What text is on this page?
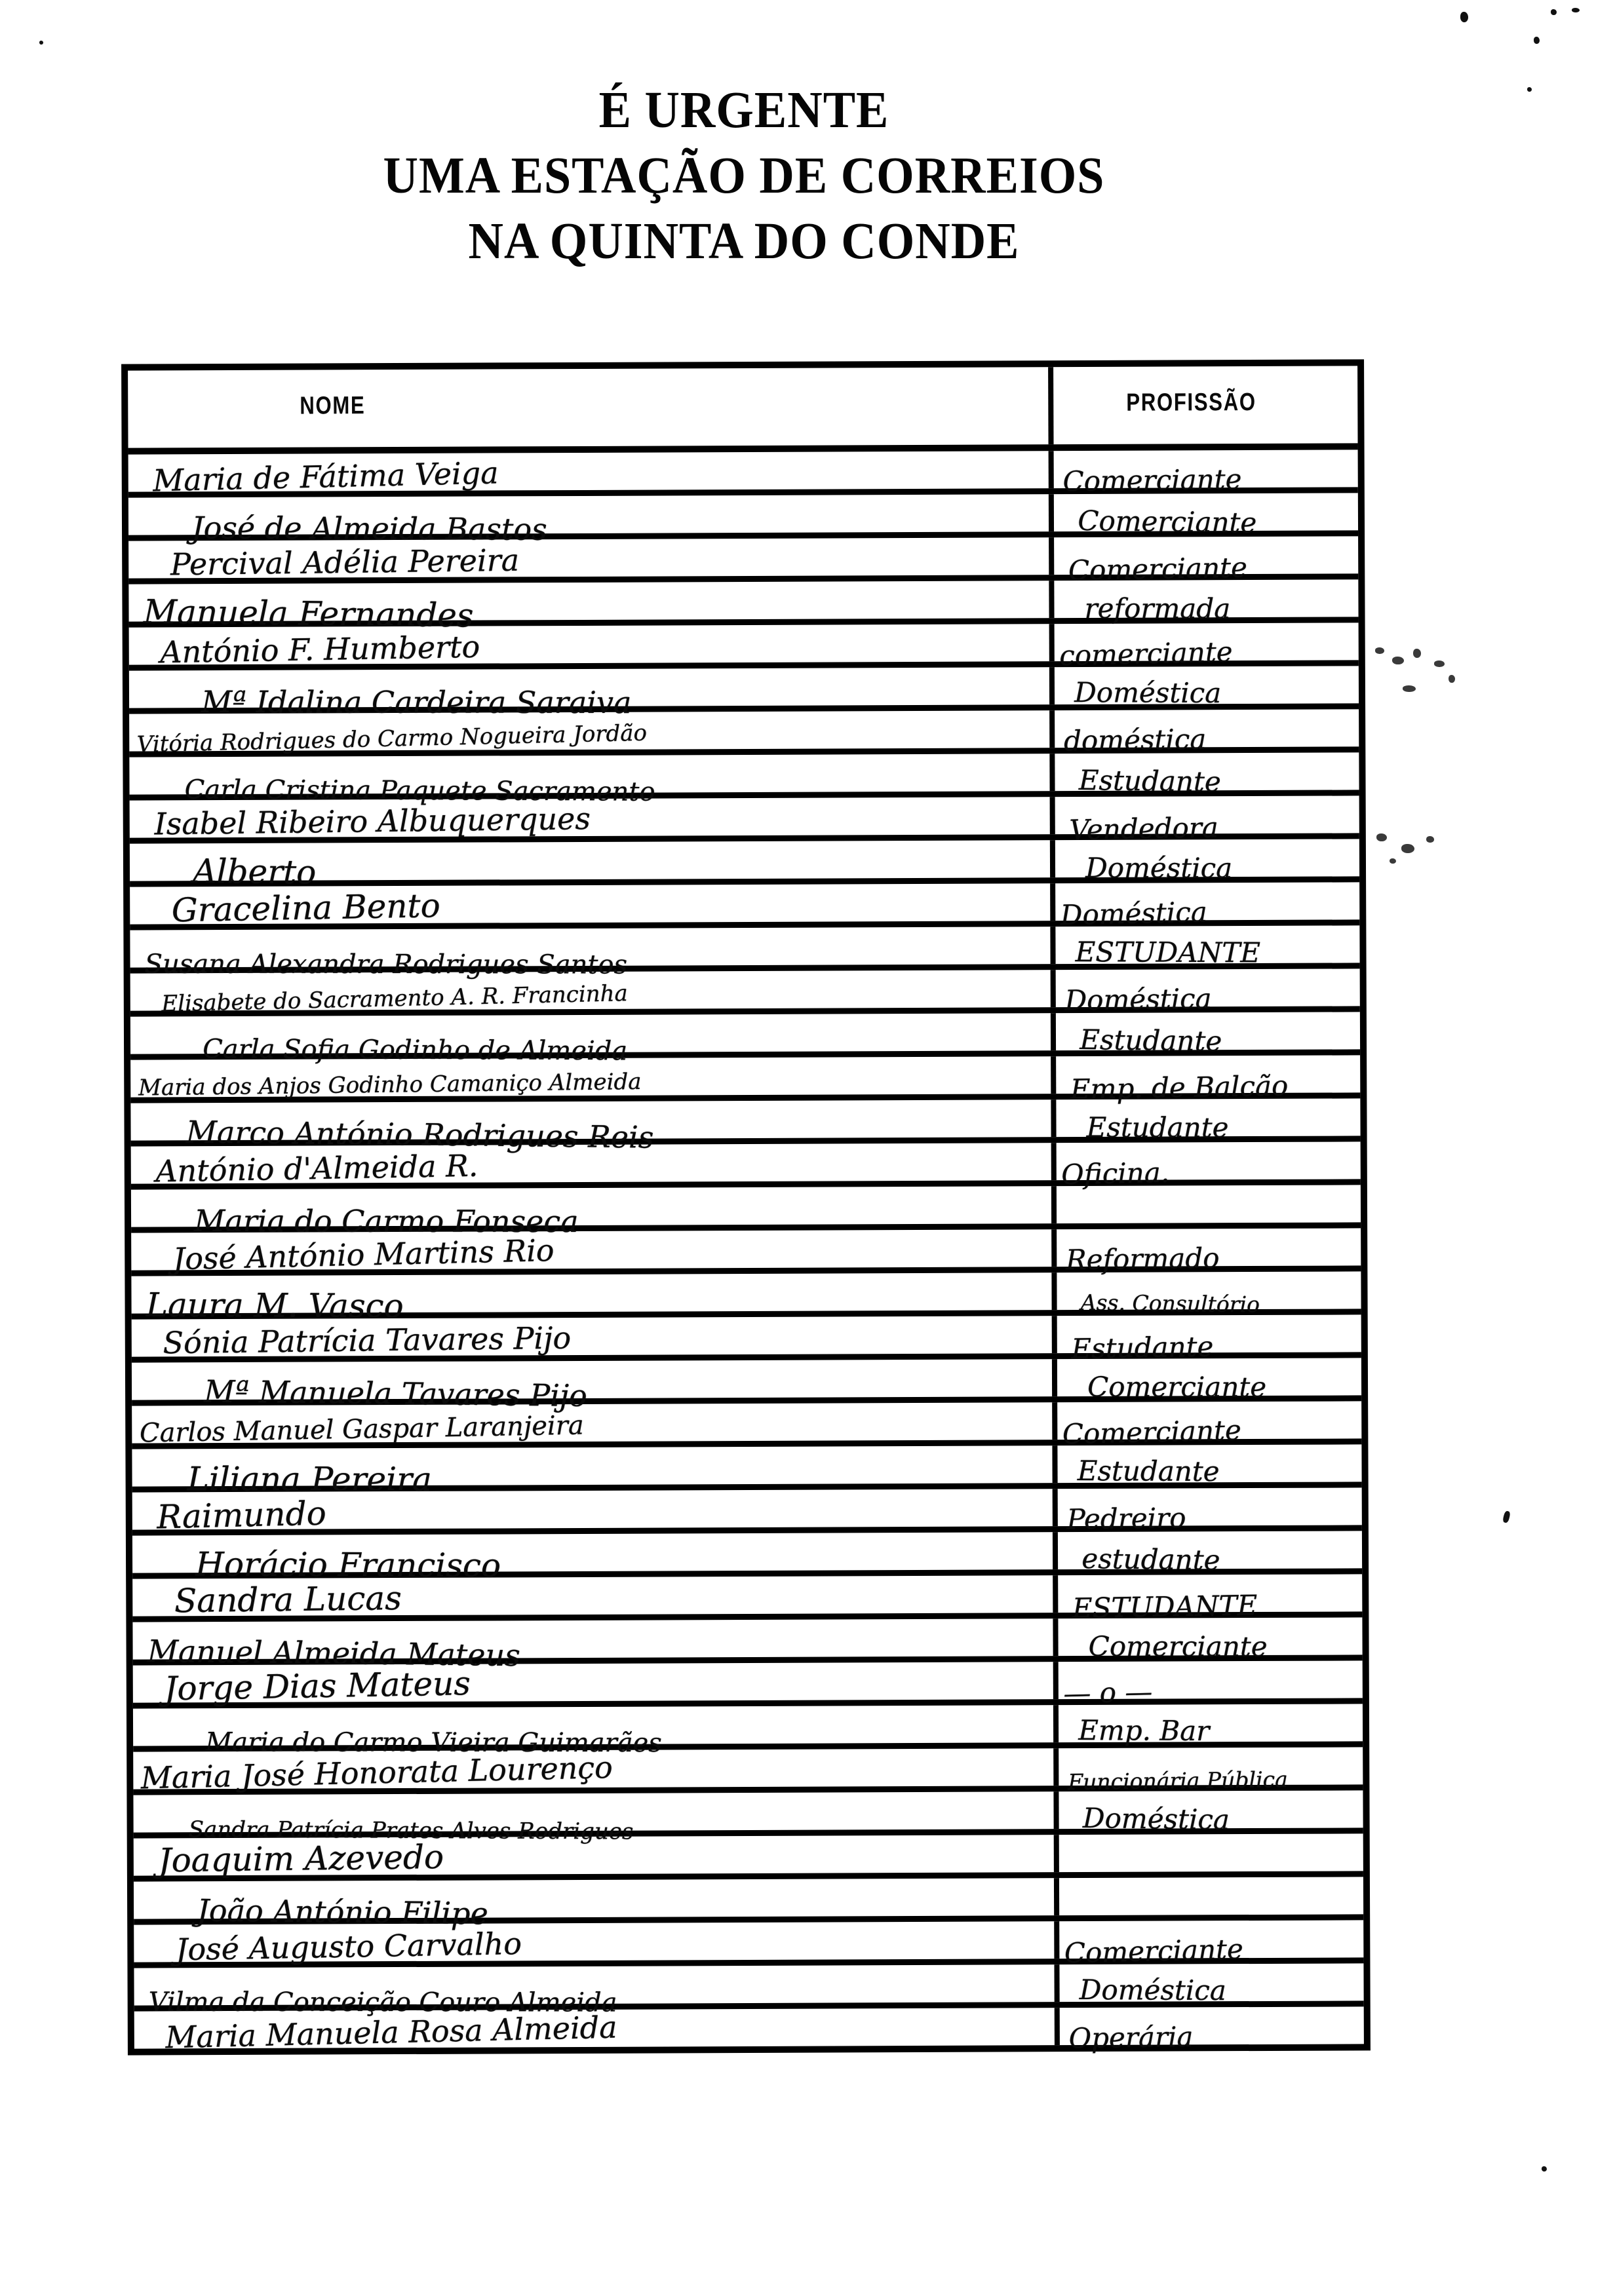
É URGENTE
UMA ESTAÇÃO DE CORREIOS
NA QUINTA DO CONDE
NOME	PROFISSÃO
Maria de Fátima Veiga	Comerciante
José de Almeida Bastos	Comerciante
Percival Adélia Pereira	Comerciante
Manuela Fernandes	reformada
António F. Humberto	comerciante
Mª Idalina Cardeira Saraiva	Doméstica
Vitória Rodrigues do Carmo Nogueira Jordão	doméstica
Carla Cristina Paquete Sacramento	Estudante
Isabel Ribeiro Albuquerques	Vendedora
Alberto	Doméstica
Gracelina Bento	Doméstica
Susana Alexandra Rodrigues Santos	ESTUDANTE
Elisabete do Sacramento A. R. Francinha	Doméstica
Carla Sofia Godinho de Almeida	Estudante
Maria dos Anjos Godinho Camaniço Almeida	Emp. de Balcão
Marco António Rodrigues Reis	Estudante
António d'Almeida R.	Oficina.
Maria do Carmo Fonseca
José António Martins Rio	Reformado
Laura M. Vasco	Ass. Consultório
Sónia Patrícia Tavares Pijo	Estudante
Mª Manuela Tavares Pijo	Comerciante
Carlos Manuel Gaspar Laranjeira	Comerciante
Liliana Pereira	Estudante
Raimundo	Pedreiro
Horácio Francisco	estudante
Sandra Lucas	ESTUDANTE
Manuel Almeida Mateus	Comerciante
Jorge Dias Mateus	— o —
Maria do Carmo Vieira Guimarães	Emp. Bar
Maria José Honorata Lourenço	Funcionária Pública
Sandra Patrícia Prates Alves Rodrigues	Doméstica
Joaquim Azevedo
João António Filipe
José Augusto Carvalho	Comerciante
Vilma da Conceição Couro Almeida	Doméstica
Maria Manuela Rosa Almeida	Operária
